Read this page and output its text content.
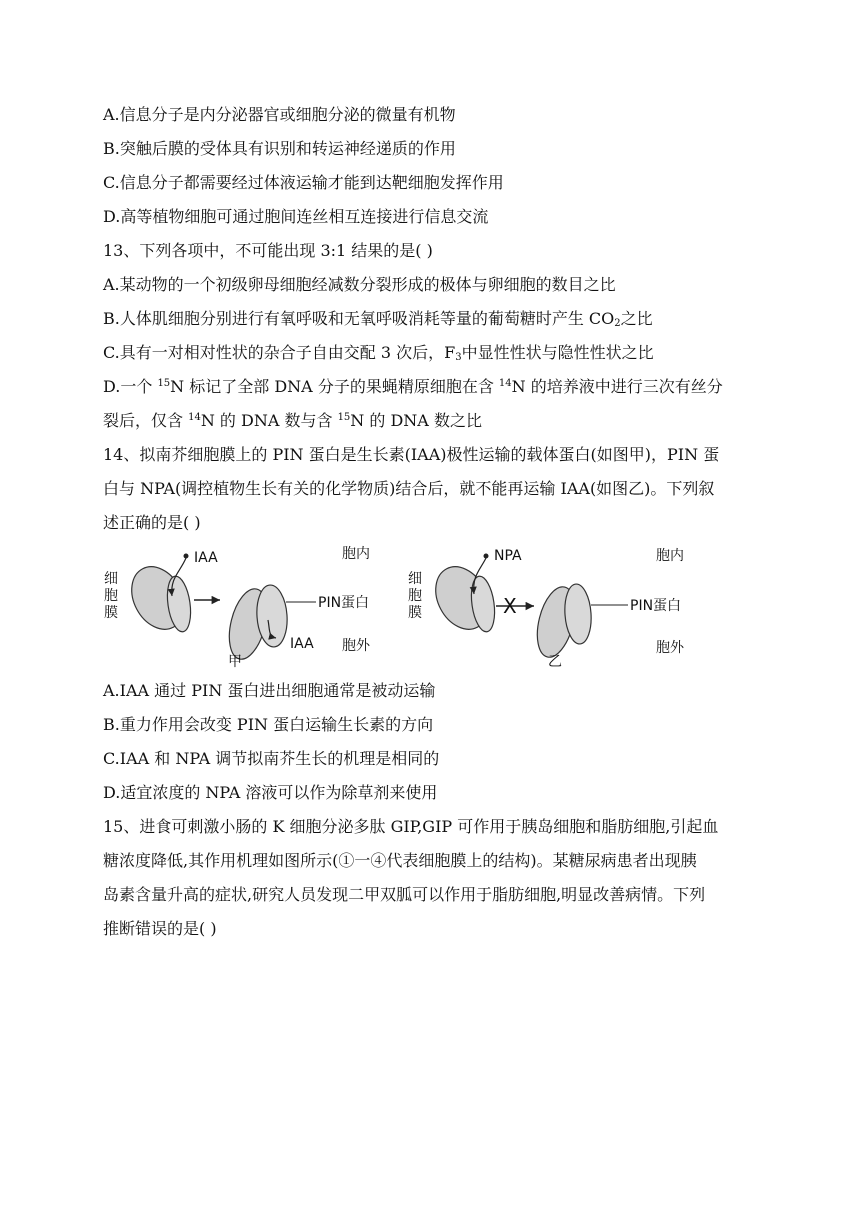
A.信息分子是内分泌器官或细胞分泌的微量有机物
B.突触后膜的受体具有识别和转运神经递质的作用
C.信息分子都需要经过体液运输才能到达靶细胞发挥作用
D.高等植物细胞可通过胞间连丝相互连接进行信息交流
13、下列各项中，不可能出现 3:1 结果的是( )
A.某动物的一个初级卵母细胞经减数分裂形成的极体与卵细胞的数目之比
B.人体肌细胞分别进行有氧呼吸和无氧呼吸消耗等量的葡萄糖时产生 $CO_2$之比
C.具有一对相对性状的杂合子自由交配 3 次后，$F_3$中显性性状与隐性性状之比
D.一个 $^{15}$N 标记了全部 DNA 分子的果蝇精原细胞在含 $^{14}$N 的培养液中进行三次有丝分
裂后，仅含 $^{14}$N 的 DNA 数与含 $^{15}$N 的 DNA 数之比
14、拟南芥细胞膜上的 PIN 蛋白是生长素(IAA)极性运输的载体蛋白(如图甲)，PIN 蛋
白与 NPA(调控植物生长有关的化学物质)结合后，就不能再运输 IAA(如图乙)。下列叙
述正确的是( )
细
胞
膜
IAA
IAA
PIN蛋白
胞内
胞外
甲
细
胞
膜
NPA
X	PIN蛋白
胞内
胞外
乙
A.IAA 通过 PIN 蛋白进出细胞通常是被动运输
B.重力作用会改变 PIN 蛋白运输生长素的方向
C.IAA 和 NPA 调节拟南芥生长的机理是相同的
D.适宜浓度的 NPA 溶液可以作为除草剂来使用
15、进食可刺激小肠的 K 细胞分泌多肽 GIP,GIP 可作用于胰岛细胞和脂肪细胞,引起血
糖浓度降低,其作用机理如图所示(①一④代表细胞膜上的结构)。某糖尿病患者出现胰
岛素含量升高的症状,研究人员发现二甲双胍可以作用于脂肪细胞,明显改善病情。下列
推断错误的是( )
